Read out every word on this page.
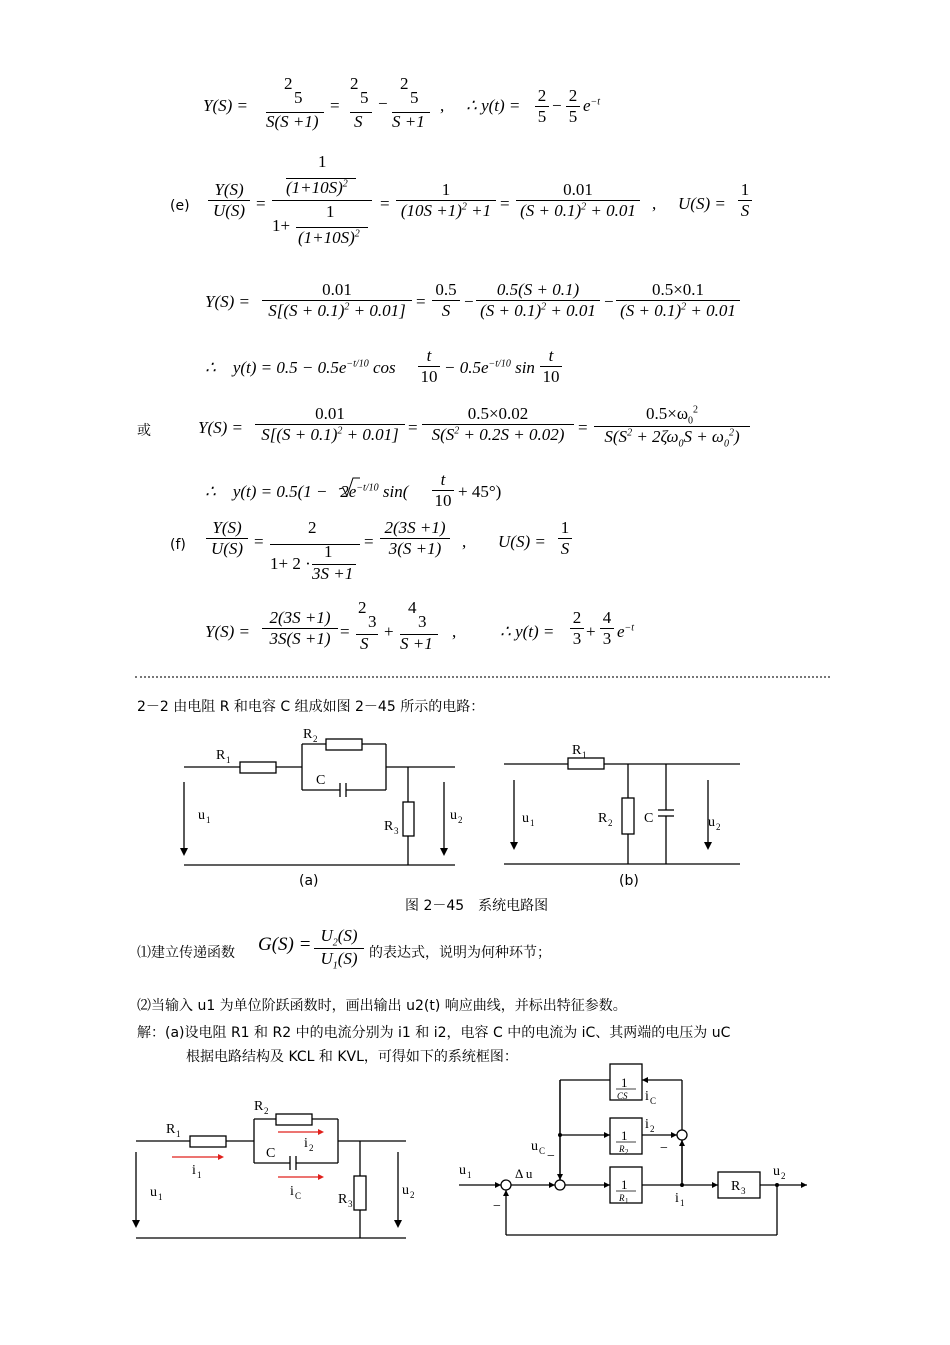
Y(S) =
2
5
S(S +1)
=
2
5
S
−
2
5
S +1
, ∴ y(t) =
2
5
−
2
5
$e^{-t}$
(e)
Y(S)
U(S) =
1
$(1+10S)^2$
1
1+
$(1+10S)^2$
=
1
$(10S +1)^2 +1$ =
0.01
$(S + 0.1)^2 + 0.01$ , U(S) =
1
S
Y(S) =
0.01
$S[(S + 0.1)^2 + 0.01]$ =
0.5
S −
0.5(S + 0.1)
$(S + 0.1)^2 + 0.01$ −
0.5×0.1
$(S + 0.1)^2 + 0.01$
∴    $y(t) = 0.5 - 0.5e^{-t/10}$ cos
t
$10 - 0.5e^{-t/10}$ sin
t
10
或	Y(S) =
0.01
$S[(S + 0.1)^2 + 0.01]$ =
0.5×0.02
$S(S^2 + 0.2S + 0.02)$ =
$0.5\times\omega_0^2$
$S(S^2 + 2\zeta\omega_0S + \omega_0^2)$
∴    $y(t) = 0.5(1 - 2e^{-t/10}$ sin(
t
10 + 45°)
(f)
Y(S)
U(S) =
2
1+ 2 ·
1
3S +1
=
2(3S +1)
3(S +1)	, U(S) =
1
S
Y(S) =
2(3S +1)
3S(S +1) =
2
3
S
+
4
3
S +1
,	∴ y(t) =
2
3 +
4
3 $e^{-t}$
2－2 由电阻 R 和电容 C 组成如图 2－45 所示的电路：
R 1
R 2
C
R 3
u 1	u 2
(a)
R 1
R 2 C
u 1	u 2
(b)
图 2－45　系统电路图
⑴建立传递函数 $G(S) = U_2(S)$
$U_1(S)$ 的表达式，说明为何种环节；
⑵当输入 u1 为单位阶跃函数时，画出输出 u2(t) 响应曲线，并标出特征参数。
解：(a)设电阻 R1 和 R2 中的电流分别为 i1 和 i2，电容 C 中的电流为 iC、其两端的电压为 uC
根据电路结构及 KCL 和 KVL，可得如下的系统框图：
R 1
R 2
C
i 2
i 1
i C	R 3
u 1	u 2
1
CS
1
R 2
1
R 1
R 3
u 1	Δ u
−
u C −
i C
i 2
−
i 1
u 2
